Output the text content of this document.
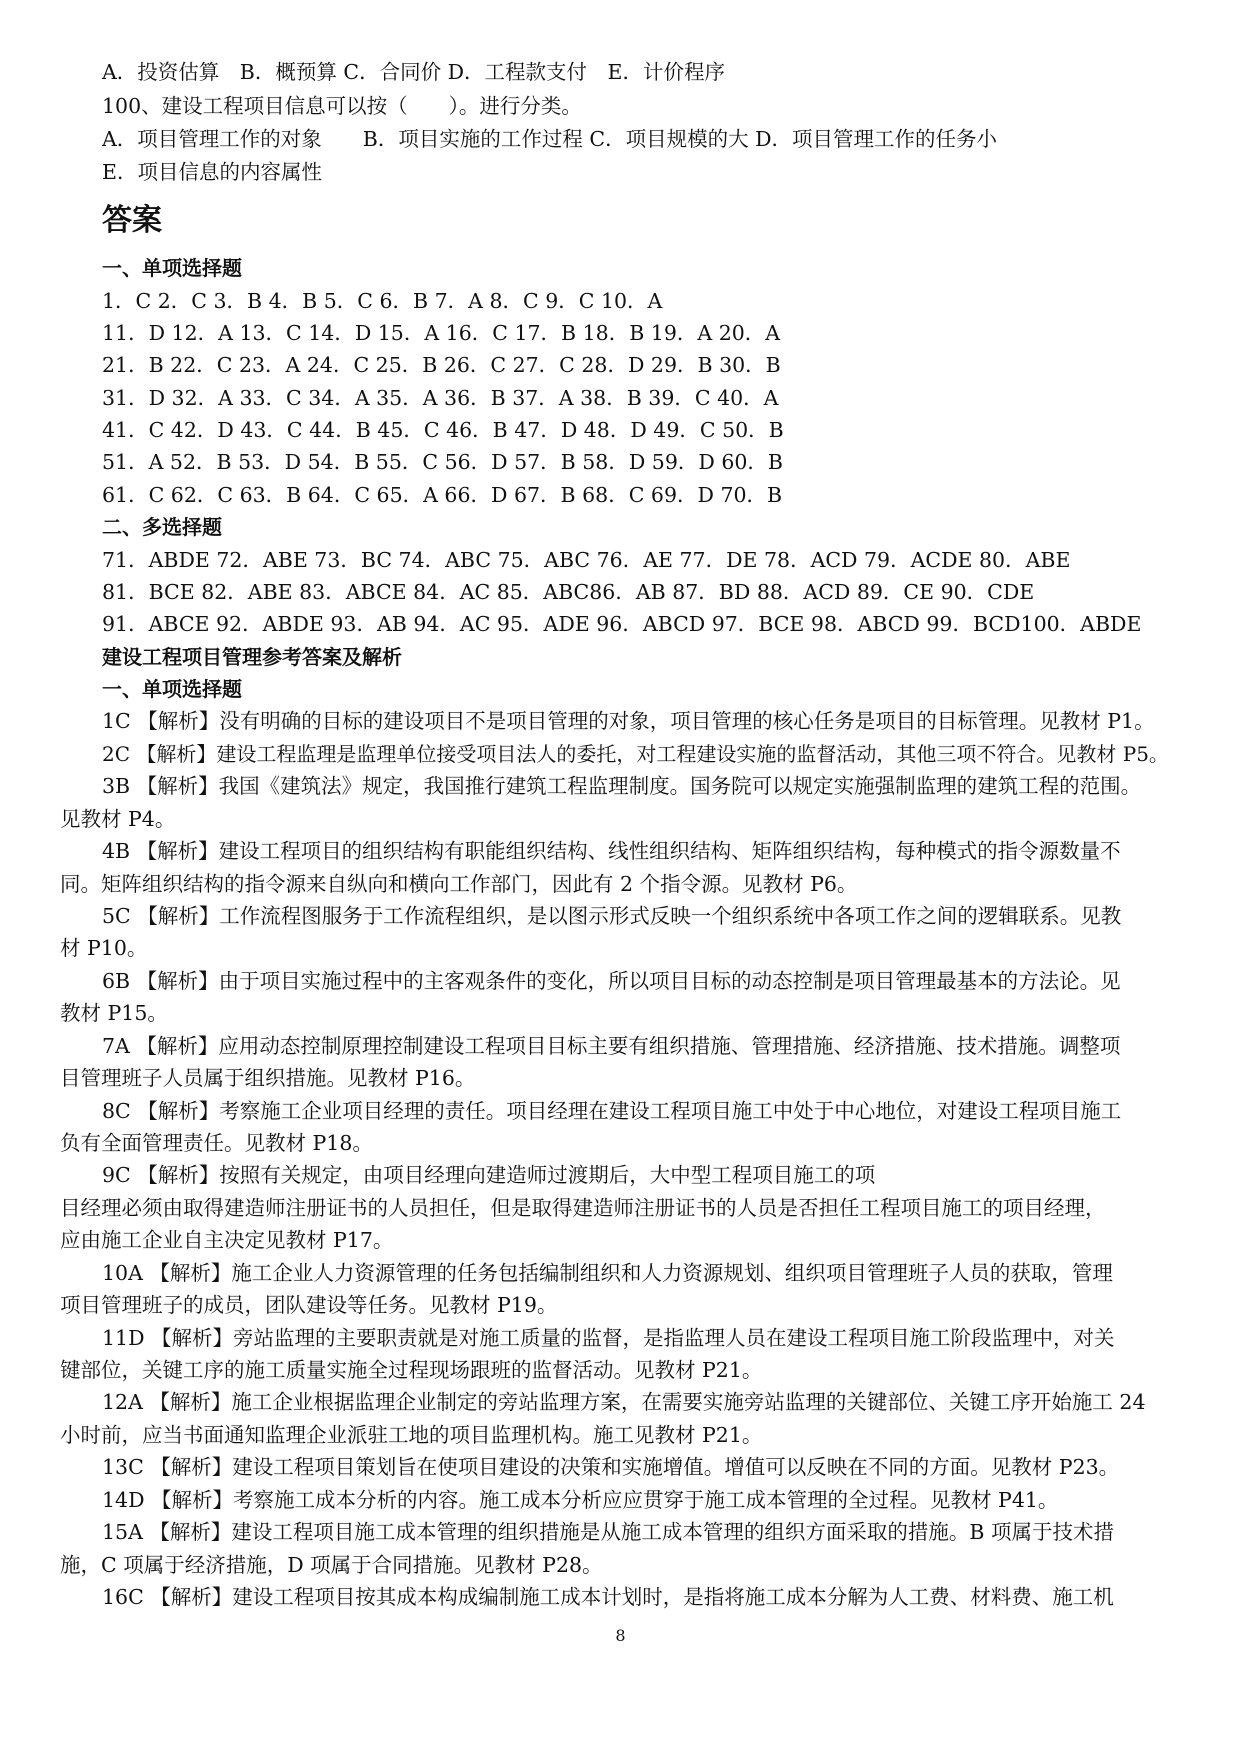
A．投资估算　B．概预算 C．合同价 D．工程款支付　E．计价程序
100、建设工程项目信息可以按（　　）。进行分类。
A．项目管理工作的对象　　B．项目实施的工作过程 C．项目规模的大 D．项目管理工作的任务小
E．项目信息的内容属性
答案
一、单项选择题
1．C 2．C 3．B 4．B 5．C 6．B 7．A 8．C 9．C 10．A
11．D 12．A 13．C 14．D 15．A 16．C 17．B 18．B 19．A 20．A
21．B 22．C 23．A 24．C 25．B 26．C 27．C 28．D 29．B 30．B
31．D 32．A 33．C 34．A 35．A 36．B 37．A 38．B 39．C 40．A
41．C 42．D 43．C 44．B 45．C 46．B 47．D 48．D 49．C 50．B
51．A 52．B 53．D 54．B 55．C 56．D 57．B 58．D 59．D 60．B
61．C 62．C 63．B 64．C 65．A 66．D 67．B 68．C 69．D 70．B
二、多选择题
71．ABDE 72．ABE 73．BC 74．ABC 75．ABC 76．AE 77．DE 78．ACD 79．ACDE 80．ABE
81．BCE 82．ABE 83．ABCE 84．AC 85．ABC86．AB 87．BD 88．ACD 89．CE 90．CDE
91．ABCE 92．ABDE 93．AB 94．AC 95．ADE 96．ABCD 97．BCE 98．ABCD 99．BCD100．ABDE
建设工程项目管理参考答案及解析
一、单项选择题
1C 【解析】没有明确的目标的建设项目不是项目管理的对象，项目管理的核心任务是项目的目标管理。见教材 P1。
2C 【解析】建设工程监理是监理单位接受项目法人的委托，对工程建设实施的监督活动，其他三项不符合。见教材 P5。
3B 【解析】我国《建筑法》规定，我国推行建筑工程监理制度。国务院可以规定实施强制监理的建筑工程的范围。
见教材 P4。
4B 【解析】建设工程项目的组织结构有职能组织结构、线性组织结构、矩阵组织结构，每种模式的指令源数量不
同。矩阵组织结构的指令源来自纵向和横向工作部门，因此有 2 个指令源。见教材 P6。
5C 【解析】工作流程图服务于工作流程组织，是以图示形式反映一个组织系统中各项工作之间的逻辑联系。见教
材 P10。
6B 【解析】由于项目实施过程中的主客观条件的变化，所以项目目标的动态控制是项目管理最基本的方法论。见
教材 P15。
7A 【解析】应用动态控制原理控制建设工程项目目标主要有组织措施、管理措施、经济措施、技术措施。调整项
目管理班子人员属于组织措施。见教材 P16。
8C 【解析】考察施工企业项目经理的责任。项目经理在建设工程项目施工中处于中心地位，对建设工程项目施工
负有全面管理责任。见教材 P18。
9C 【解析】按照有关规定，由项目经理向建造师过渡期后，大中型工程项目施工的项
目经理必须由取得建造师注册证书的人员担任，但是取得建造师注册证书的人员是否担任工程项目施工的项目经理，
应由施工企业自主决定见教材 P17。
10A 【解析】施工企业人力资源管理的任务包括编制组织和人力资源规划、组织项目管理班子人员的获取，管理
项目管理班子的成员，团队建设等任务。见教材 P19。
11D 【解析】旁站监理的主要职责就是对施工质量的监督，是指监理人员在建设工程项目施工阶段监理中，对关
键部位，关键工序的施工质量实施全过程现场跟班的监督活动。见教材 P21。
12A 【解析】施工企业根据监理企业制定的旁站监理方案，在需要实施旁站监理的关键部位、关键工序开始施工 24
小时前，应当书面通知监理企业派驻工地的项目监理机构。施工见教材 P21。
13C 【解析】建设工程项目策划旨在使项目建设的决策和实施增值。增值可以反映在不同的方面。见教材 P23。
14D 【解析】考察施工成本分析的内容。施工成本分析应应贯穿于施工成本管理的全过程。见教材 P41。
15A 【解析】建设工程项目施工成本管理的组织措施是从施工成本管理的组织方面采取的措施。B 项属于技术措
施，C 项属于经济措施，D 项属于合同措施。见教材 P28。
16C 【解析】建设工程项目按其成本构成编制施工成本计划时，是指将施工成本分解为人工费、材料费、施工机
8
